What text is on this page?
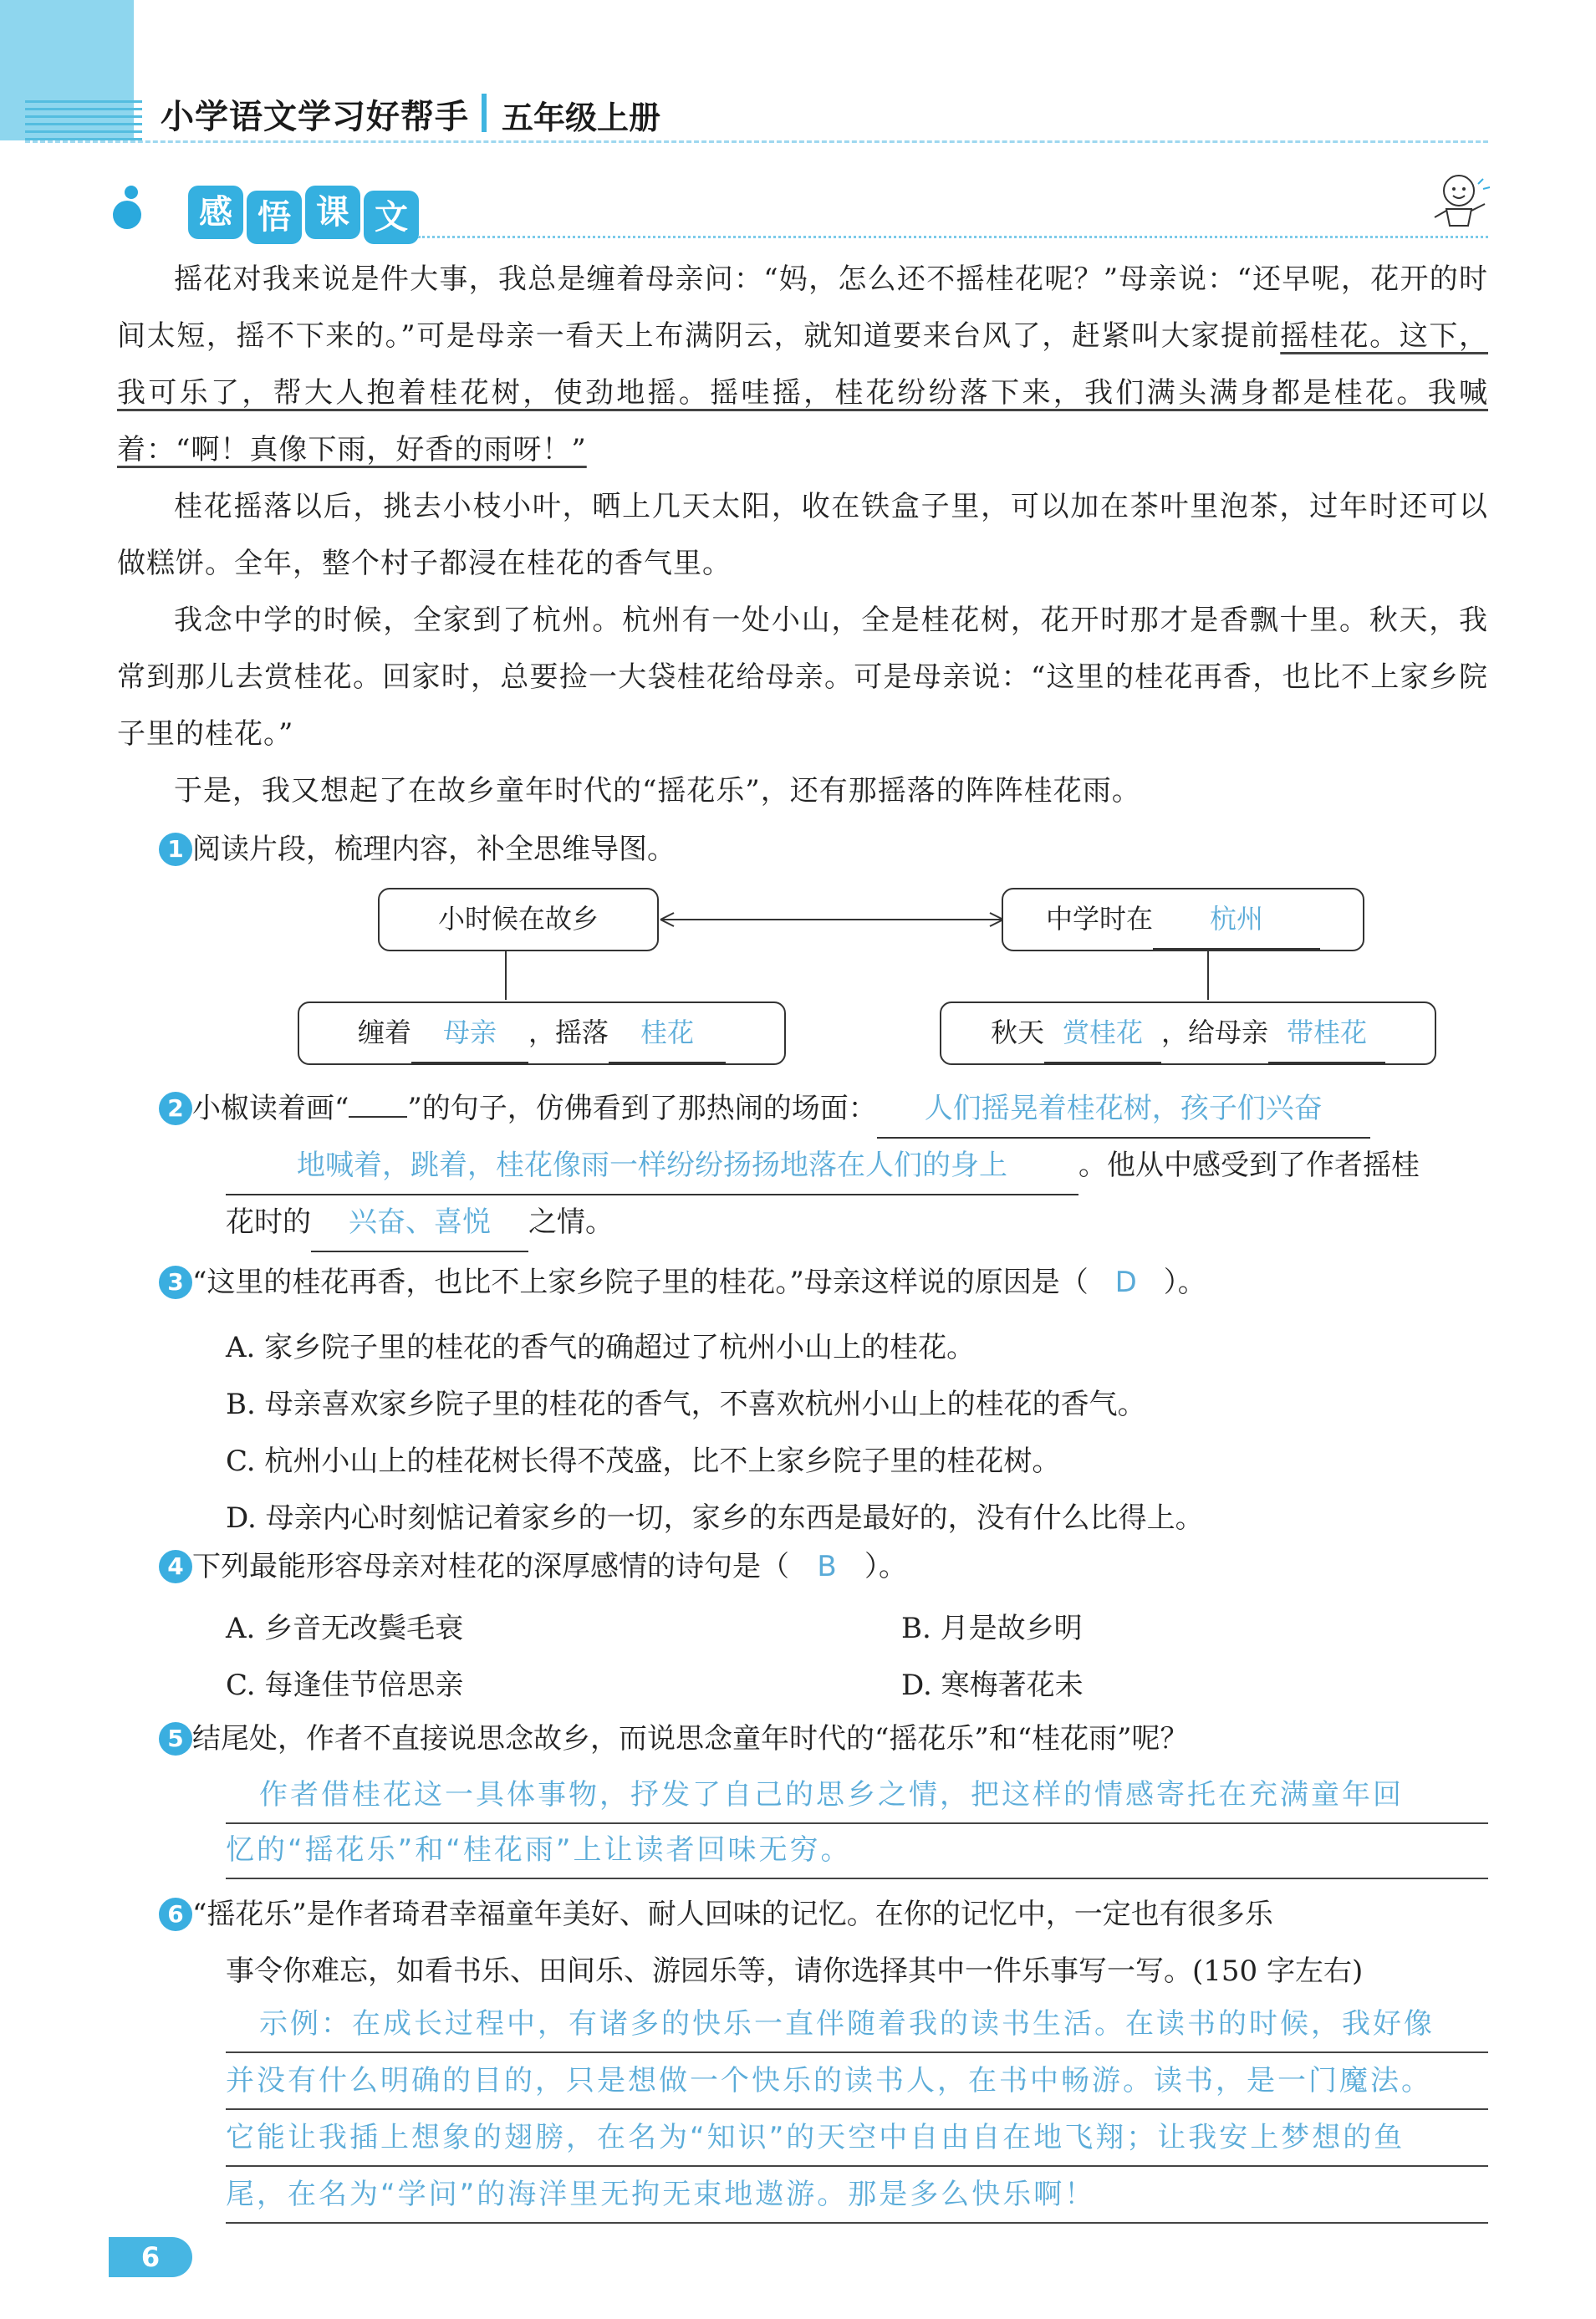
小学语文学习好帮手 五年级上册
感 悟 课 文

摇花对我来说是件大事，我总是缠着母亲问：“妈，怎么还不摇桂花呢？”母亲说：“还早呢，花开的时间太短，摇不下来的。”可是母亲一看天上布满阴云，就知道要来台风了，赶紧叫大家提前摇桂花。这下，我可乐了，帮大人抱着桂花树，使劲地摇。摇哇摇，桂花纷纷落下来，我们满头满身都是桂花。我喊着：“啊！真像下雨，好香的雨呀！”

桂花摇落以后，挑去小枝小叶，晒上几天太阳，收在铁盒子里，可以加在茶叶里泡茶，过年时还可以做糕饼。全年，整个村子都浸在桂花的香气里。

我念中学的时候，全家到了杭州。杭州有一处小山，全是桂花树，花开时那才是香飘十里。秋天，我常到那儿去赏桂花。回家时，总要捡一大袋桂花给母亲。可是母亲说：“这里的桂花再香，也比不上家乡院子里的桂花。”

于是，我又想起了在故乡童年时代的“摇花乐”，还有那摇落的阵阵桂花雨。

1 阅读片段，梳理内容，补全思维导图。
小时候在故乡	中学时在 杭州
缠着 母亲 ，摇落 桂花	秋天 赏桂花 ，给母亲 带桂花
2 小椒读着画“ ”的句子，仿佛看到了那热闹的场面： 人们摇晃着桂花树，孩子们兴奋
地喊着，跳着，桂花像雨一样纷纷扬扬地落在人们的身上	。他从中感受到了作者摇桂
花时的 兴奋、喜悦 之情。
3 “这里的桂花再香，也比不上家乡院子里的桂花。”母亲这样说的原因是（ D ）。
A. 家乡院子里的桂花的香气的确超过了杭州小山上的桂花。
B. 母亲喜欢家乡院子里的桂花的香气，不喜欢杭州小山上的桂花的香气。
C. 杭州小山上的桂花树长得不茂盛，比不上家乡院子里的桂花树。
D. 母亲内心时刻惦记着家乡的一切，家乡的东西是最好的，没有什么比得上。
4 下列最能形容母亲对桂花的深厚感情的诗句是（ B ）。
A. 乡音无改鬓毛衰	B. 月是故乡明
C. 每逢佳节倍思亲	D. 寒梅著花未
5 结尾处，作者不直接说思念故乡，而说思念童年时代的“摇花乐”和“桂花雨”呢？
作者借桂花这一具体事物，抒发了自己的思乡之情，把这样的情感寄托在充满童年回
忆的“摇花乐”和“桂花雨”上让读者回味无穷。
6 “摇花乐”是作者琦君幸福童年美好、耐人回味的记忆。在你的记忆中，一定也有很多乐
事令你难忘，如看书乐、田间乐、游园乐等，请你选择其中一件乐事写一写。(150 字左右)
示例：在成长过程中，有诸多的快乐一直伴随着我的读书生活。在读书的时候，我好像
并没有什么明确的目的，只是想做一个快乐的读书人，在书中畅游。读书，是一门魔法。
它能让我插上想象的翅膀，在名为“知识”的天空中自由自在地飞翔；让我安上梦想的鱼
尾，在名为“学问”的海洋里无拘无束地遨游。那是多么快乐啊！
6
